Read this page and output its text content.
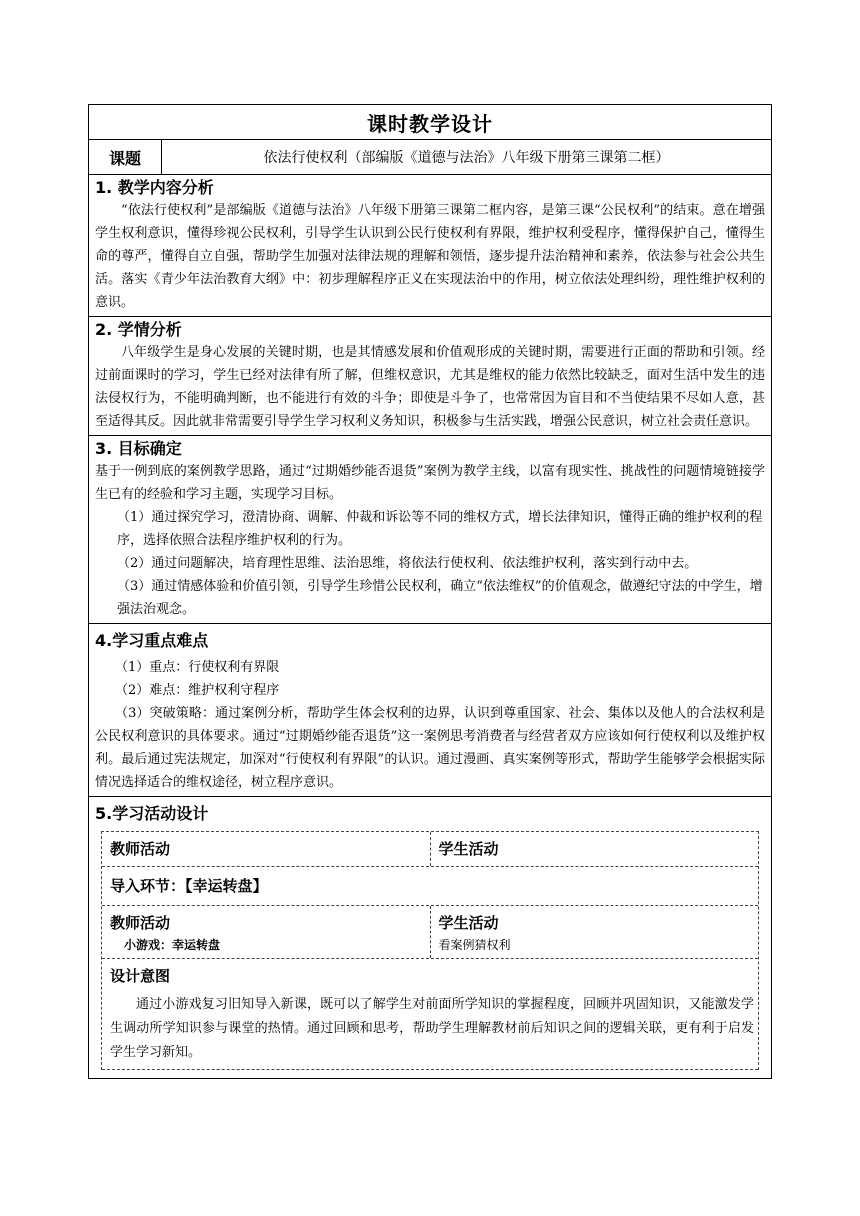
课时教学设计
课题	依法行使权利（部编版《道德与法治》八年级下册第三课第二框）
1. 教学内容分析

“依法行使权利”是部编版《道德与法治》八年级下册第三课第二框内容，是第三课“公民权利”的结束。意在增强学生权利意识，懂得珍视公民权利，引导学生认识到公民行使权利有界限，维护权利受程序，懂得保护自己，懂得生命的尊严，懂得自立自强，帮助学生加强对法律法规的理解和领悟，逐步提升法治精神和素养，依法参与社会公共生活。落实《青少年法治教育大纲》中：初步理解程序正义在实现法治中的作用，树立依法处理纠纷，理性维护权利的意识。

2. 学情分析

八年级学生是身心发展的关键时期，也是其情感发展和价值观形成的关键时期，需要进行正面的帮助和引领。经过前面课时的学习，学生已经对法律有所了解，但维权意识，尤其是维权的能力依然比较缺乏，面对生活中发生的违法侵权行为，不能明确判断，也不能进行有效的斗争；即使是斗争了，也常常因为盲目和不当使结果不尽如人意，甚至适得其反。因此就非常需要引导学生学习权利义务知识，积极参与生活实践，增强公民意识，树立社会责任意识。

3. 目标确定

基于一例到底的案例教学思路，通过“过期婚纱能否退货”案例为教学主线，以富有现实性、挑战性的问题情境链接学生已有的经验和学习主题，实现学习目标。

（1）通过探究学习，澄清协商、调解、仲裁和诉讼等不同的维权方式，增长法律知识，懂得正确的维护权利的程序，选择依照合法程序维护权利的行为。

（2）通过问题解决，培育理性思维、法治思维，将依法行使权利、依法维护权利，落实到行动中去。

（3）通过情感体验和价值引领，引导学生珍惜公民权利，确立“依法维权”的价值观念，做遵纪守法的中学生，增强法治观念。

4.学习重点难点

（1）重点：行使权利有界限

（2）难点：维护权利守程序

（3）突破策略：通过案例分析，帮助学生体会权利的边界，认识到尊重国家、社会、集体以及他人的合法权利是公民权利意识的具体要求。通过“过期婚纱能否退货”这一案例思考消费者与经营者双方应该如何行使权利以及维护权利。最后通过宪法规定，加深对“行使权利有界限”的认识。通过漫画、真实案例等形式，帮助学生能够学会根据实际情况选择适合的维权途径，树立程序意识。

5.学习活动设计
教师活动	学生活动
导入环节：【幸运转盘】
教师活动
小游戏：幸运转盘
学生活动
看案例猜权利
设计意图

通过小游戏复习旧知导入新课，既可以了解学生对前面所学知识的掌握程度，回顾并巩固知识，又能激发学生调动所学知识参与课堂的热情。通过回顾和思考，帮助学生理解教材前后知识之间的逻辑关联，更有利于启发学生学习新知。
